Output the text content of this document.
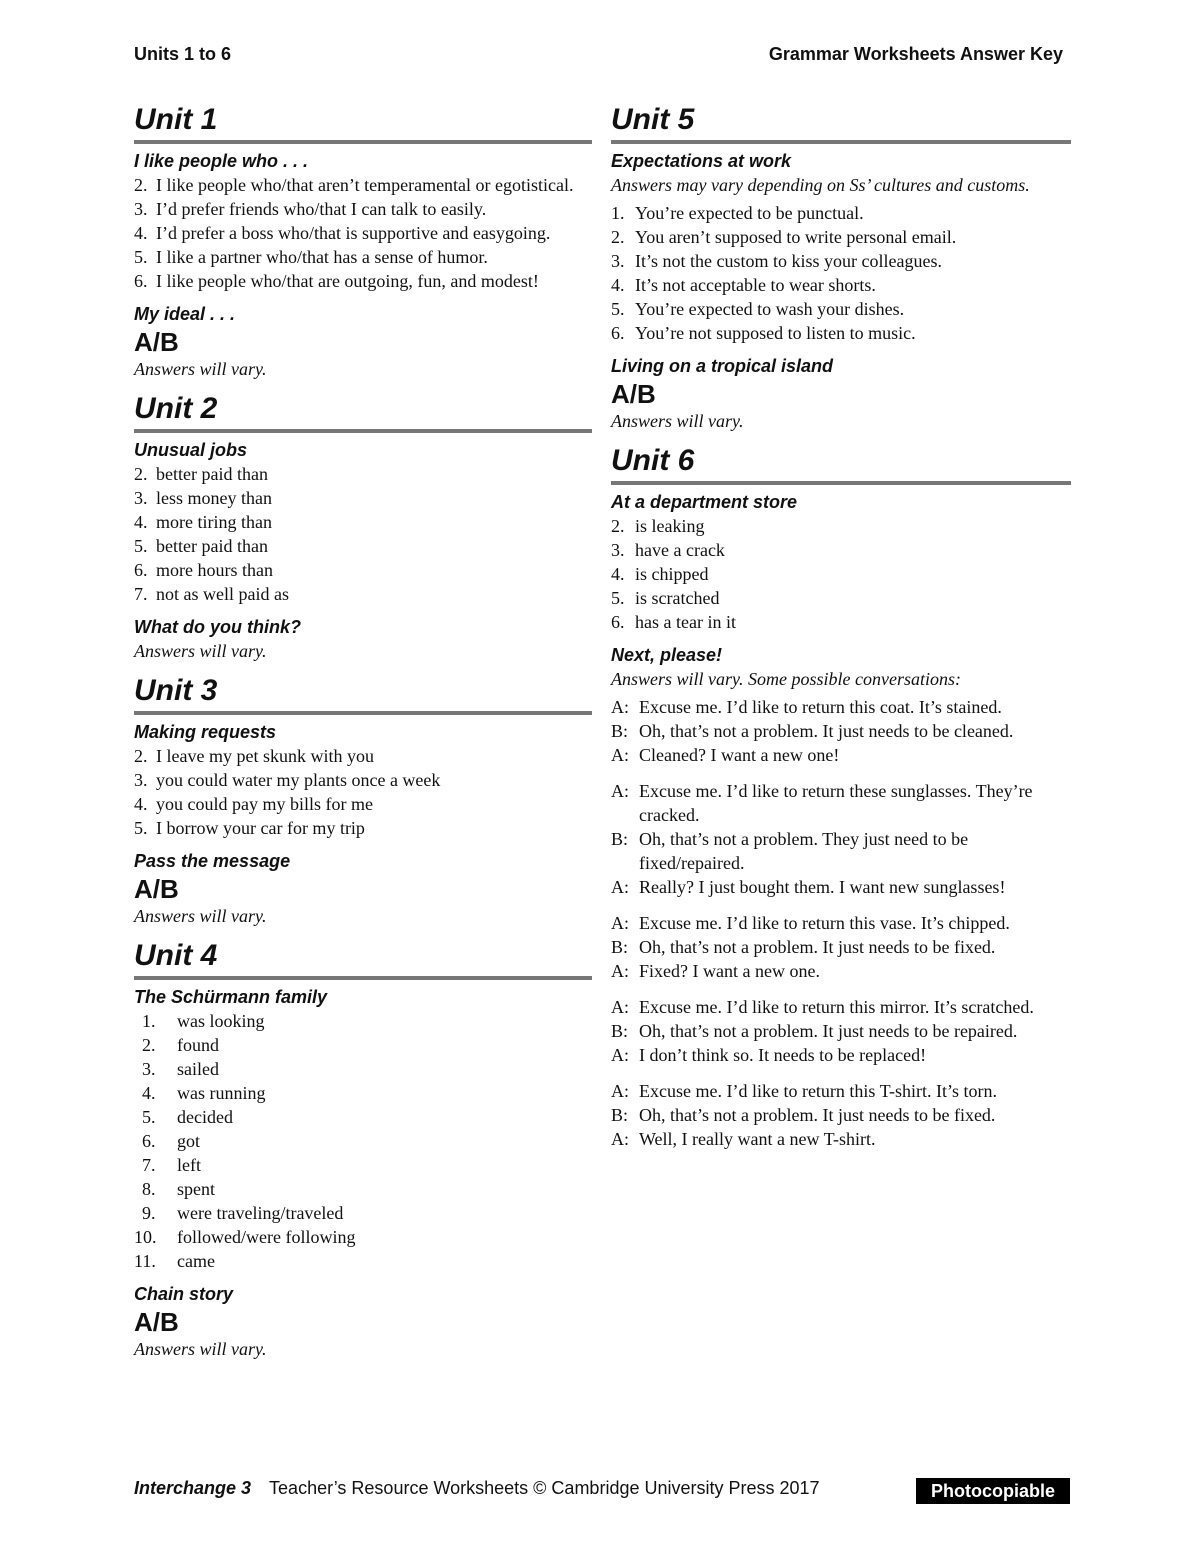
Units 1 to 6	Grammar Worksheets Answer Key
Unit 1
I like people who . . .
2. I like people who/that aren’t temperamental or egotistical.
3. I’d prefer friends who/that I can talk to easily.
4. I’d prefer a boss who/that is supportive and easygoing.
5. I like a partner who/that has a sense of humor.
6. I like people who/that are outgoing, fun, and modest!
My ideal . . .
A/B
Answers will vary.
Unit 2
Unusual jobs
2. better paid than
3. less money than
4. more tiring than
5. better paid than
6. more hours than
7. not as well paid as
What do you think?
Answers will vary.
Unit 3
Making requests
2. I leave my pet skunk with you
3. you could water my plants once a week
4. you could pay my bills for me
5. I borrow your car for my trip
Pass the message
A/B
Answers will vary.
Unit 4
The Schürmann family
1.	was looking
2.	found
3.	sailed
4.	was running
5.	decided
6.	got
7.	left
8.	spent
9.	were traveling/traveled
10.	followed/were following
11.	came
Chain story
A/B
Answers will vary.
Unit 5
Expectations at work
Answers may vary depending on Ss’ cultures and customs.
1. You’re expected to be punctual.
2. You aren’t supposed to write personal email.
3. It’s not the custom to kiss your colleagues.
4. It’s not acceptable to wear shorts.
5. You’re expected to wash your dishes.
6. You’re not supposed to listen to music.
Living on a tropical island
A/B
Answers will vary.
Unit 6
At a department store
2. is leaking
3. have a crack
4. is chipped
5. is scratched
6. has a tear in it
Next, please!
Answers will vary. Some possible conversations:
A: Excuse me. I’d like to return this coat. It’s stained.
B: Oh, that’s not a problem. It just needs to be cleaned.
A: Cleaned? I want a new one!
A: Excuse me. I’d like to return these sunglasses. They’re cracked.
B: Oh, that’s not a problem. They just need to be fixed/repaired.
A: Really? I just bought them. I want new sunglasses!
A: Excuse me. I’d like to return this vase. It’s chipped.
B: Oh, that’s not a problem. It just needs to be fixed.
A: Fixed? I want a new one.
A: Excuse me. I’d like to return this mirror. It’s scratched.
B: Oh, that’s not a problem. It just needs to be repaired.
A: I don’t think so. It needs to be replaced!
A: Excuse me. I’d like to return this T-shirt. It’s torn.
B: Oh, that’s not a problem. It just needs to be fixed.
A: Well, I really want a new T-shirt.
Interchange 3 Teacher’s Resource Worksheets © Cambridge University Press 2017	Photocopiable
